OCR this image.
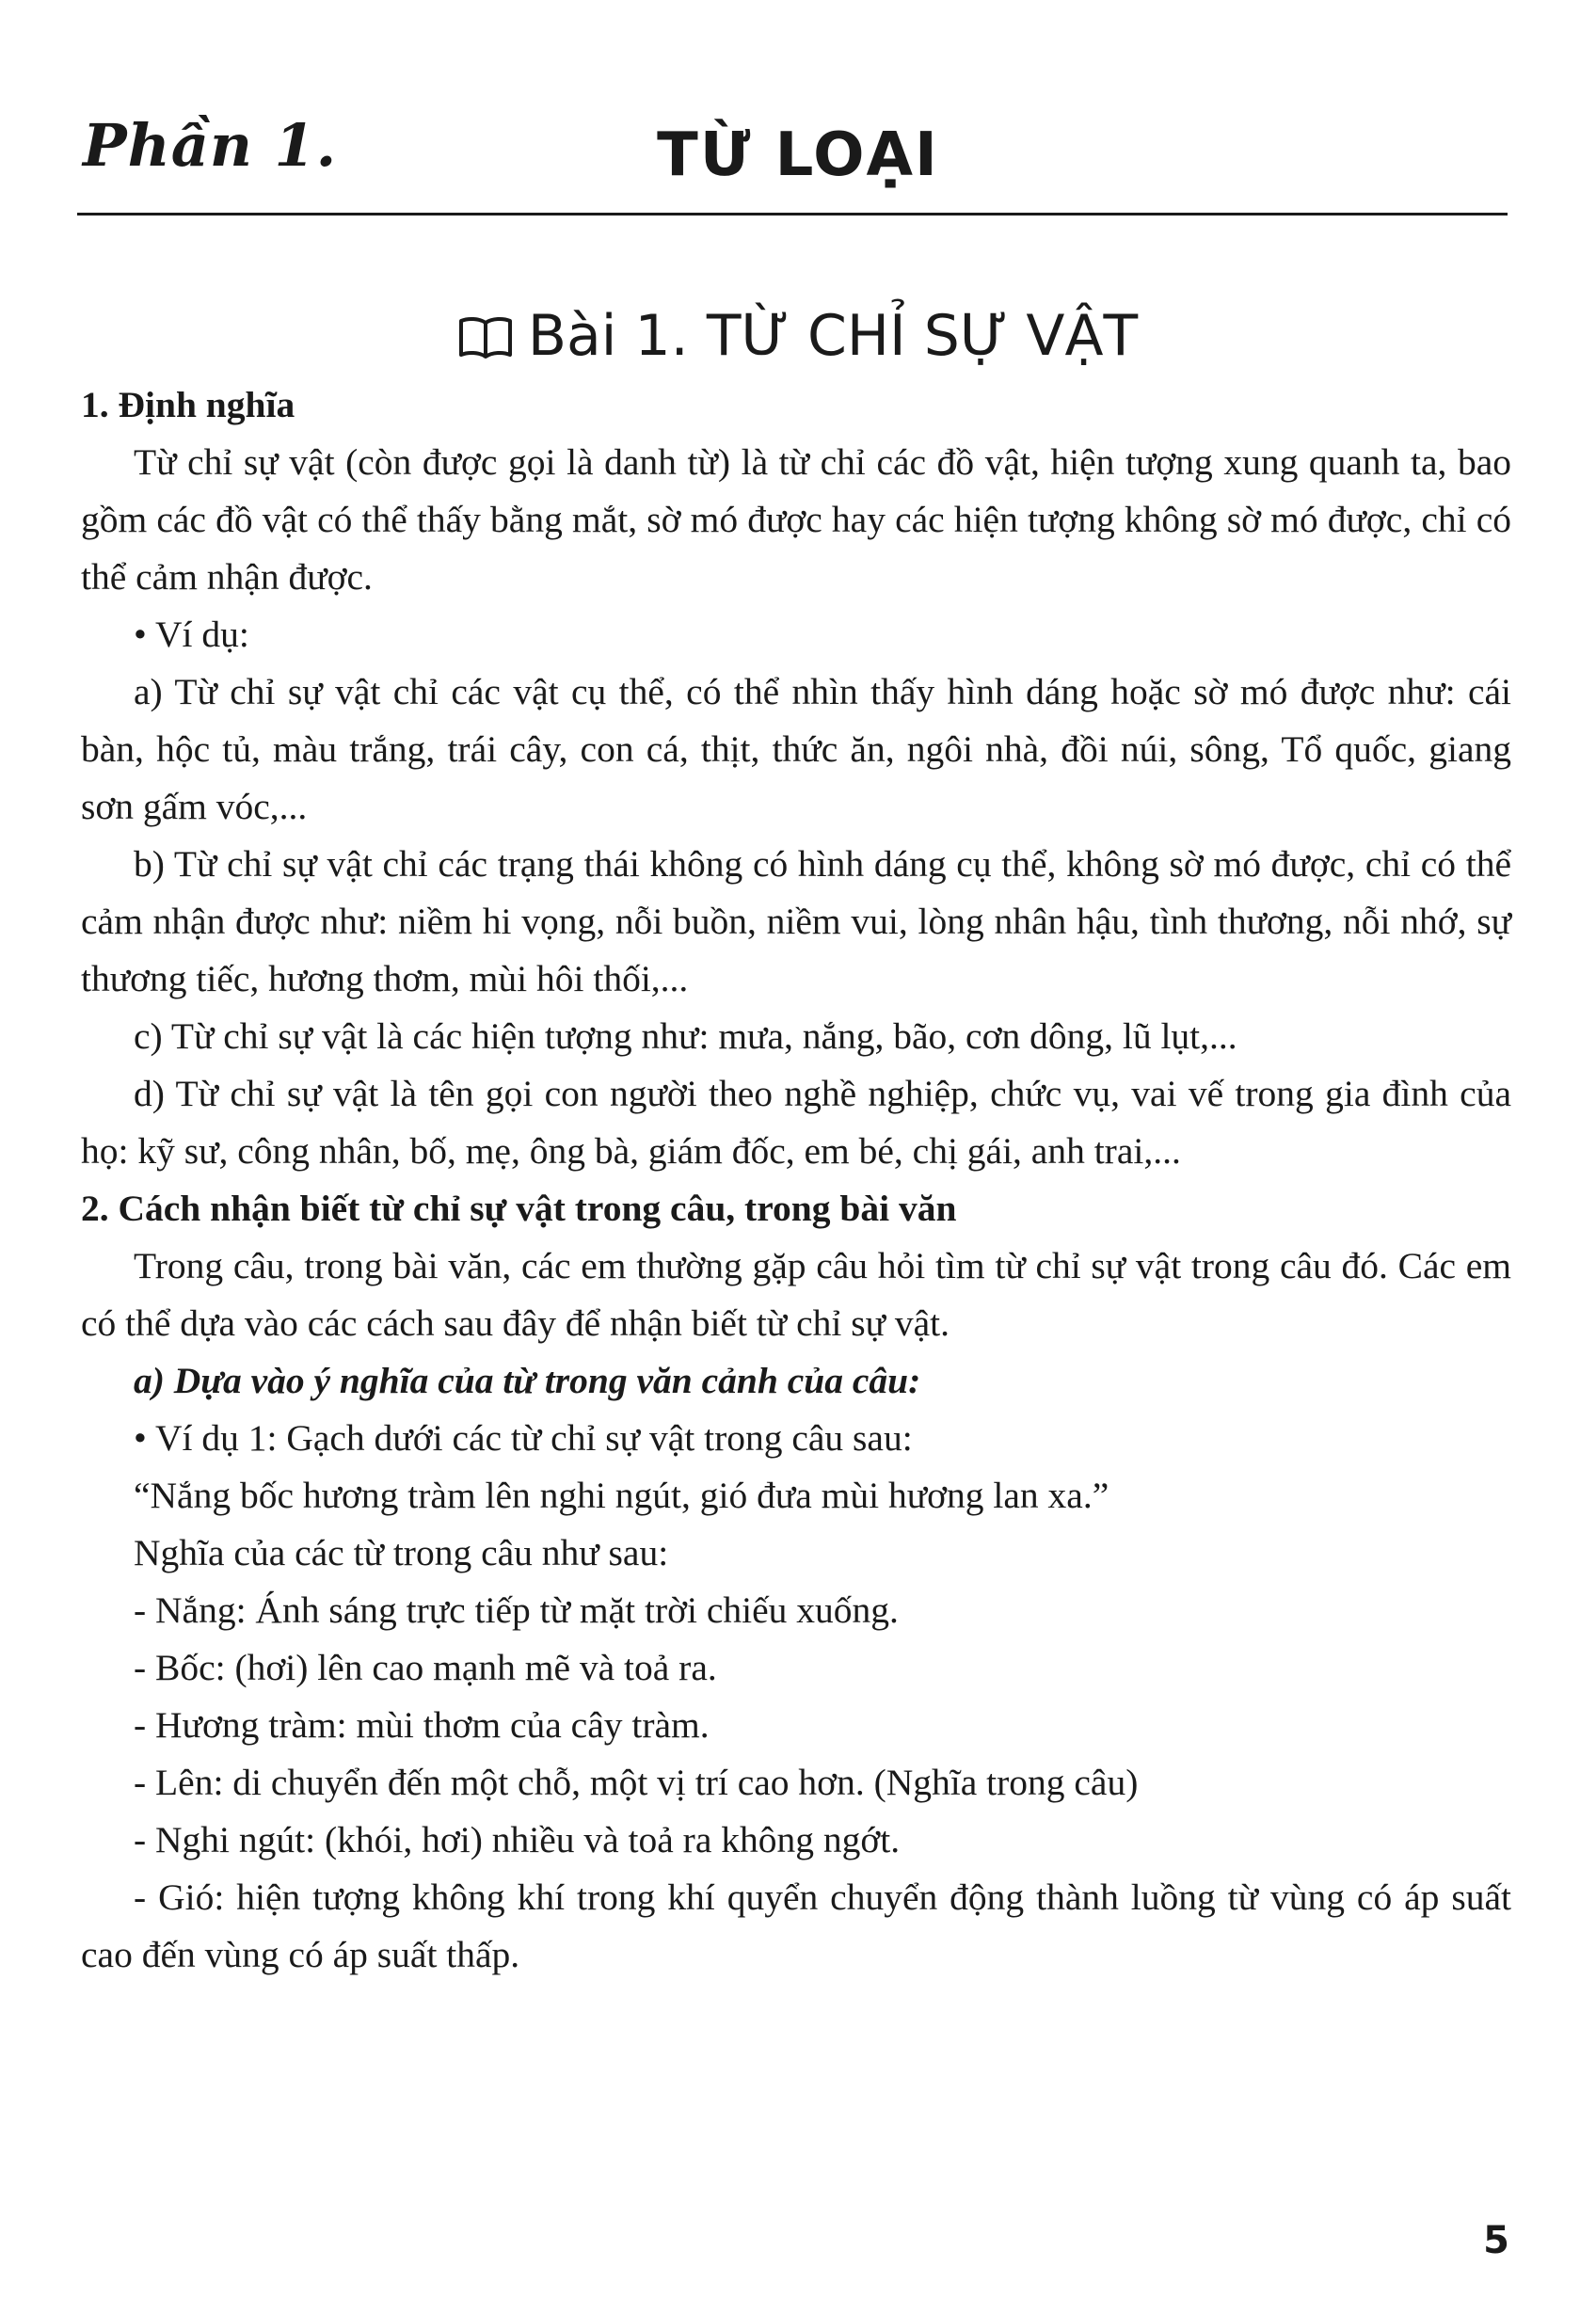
Phần 1.	TỪ LOẠI
Bài 1. TỪ CHỈ SỰ VẬT

1. Định nghĩa

Từ chỉ sự vật (còn được gọi là danh từ) là từ chỉ các đồ vật, hiện tượng xung quanh ta, bao gồm các đồ vật có thể thấy bằng mắt, sờ mó được hay các hiện tượng không sờ mó được, chỉ có thể cảm nhận được.

• Ví dụ:

a) Từ chỉ sự vật chỉ các vật cụ thể, có thể nhìn thấy hình dáng hoặc sờ mó được như: cái bàn, hộc tủ, màu trắng, trái cây, con cá, thịt, thức ăn, ngôi nhà, đồi núi, sông, Tổ quốc, giang sơn gấm vóc,...

b) Từ chỉ sự vật chỉ các trạng thái không có hình dáng cụ thể, không sờ mó được, chỉ có thể cảm nhận được như: niềm hi vọng, nỗi buồn, niềm vui, lòng nhân hậu, tình thương, nỗi nhớ, sự thương tiếc, hương thơm, mùi hôi thối,...

c) Từ chỉ sự vật là các hiện tượng như: mưa, nắng, bão, cơn dông, lũ lụt,...

d) Từ chỉ sự vật là tên gọi con người theo nghề nghiệp, chức vụ, vai vế trong gia đình của họ: kỹ sư, công nhân, bố, mẹ, ông bà, giám đốc, em bé, chị gái, anh trai,...

2. Cách nhận biết từ chỉ sự vật trong câu, trong bài văn

Trong câu, trong bài văn, các em thường gặp câu hỏi tìm từ chỉ sự vật trong câu đó. Các em có thể dựa vào các cách sau đây để nhận biết từ chỉ sự vật.

a) Dựa vào ý nghĩa của từ trong văn cảnh của câu:

• Ví dụ 1: Gạch dưới các từ chỉ sự vật trong câu sau:

“Nắng bốc hương tràm lên nghi ngút, gió đưa mùi hương lan xa.”

Nghĩa của các từ trong câu như sau:

- Nắng: Ánh sáng trực tiếp từ mặt trời chiếu xuống.

- Bốc: (hơi) lên cao mạnh mẽ và toả ra.

- Hương tràm: mùi thơm của cây tràm.

- Lên: di chuyển đến một chỗ, một vị trí cao hơn. (Nghĩa trong câu)

- Nghi ngút: (khói, hơi) nhiều và toả ra không ngớt.

- Gió: hiện tượng không khí trong khí quyển chuyển động thành luồng từ vùng có áp suất cao đến vùng có áp suất thấp.

5
